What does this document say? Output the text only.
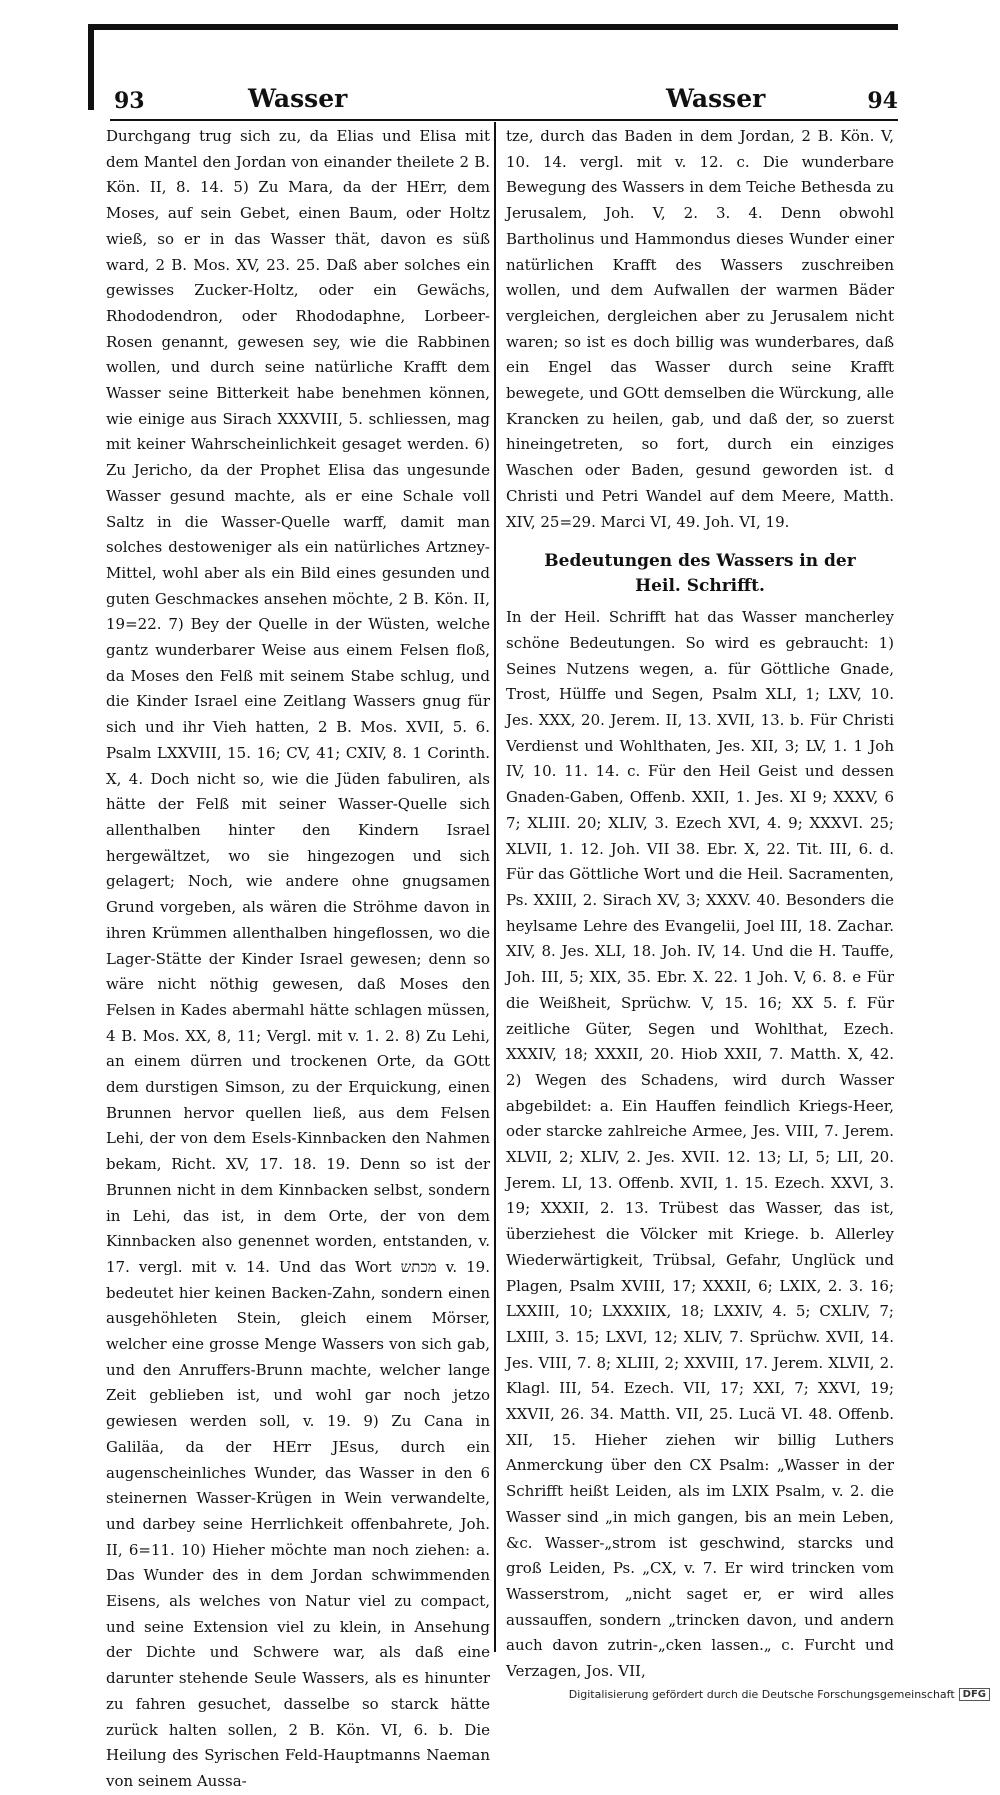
93	Wasser	Wasser	94

Durchgang trug sich zu, da Elias und Elisa mit dem Mantel den Jordan von einander theilete 2 B. Kön. II, 8. 14. 5) Zu Mara, da der HErr, dem Moses, auf sein Gebet, einen Baum, oder Holtz wieß, so er in das Wasser thät, davon es süß ward, 2 B. Mos. XV, 23. 25. Daß aber solches ein gewisses Zucker-Holtz, oder ein Gewächs, Rhododendron, oder Rhododaphne, Lorbeer-Rosen genannt, gewesen sey, wie die Rabbinen wollen, und durch seine natürliche Krafft dem Wasser seine Bitterkeit habe benehmen können, wie einige aus Sirach XXXVIII, 5. schliessen, mag mit keiner Wahrscheinlichkeit gesaget werden. 6) Zu Jericho, da der Prophet Elisa das ungesunde Wasser gesund machte, als er eine Schale voll Saltz in die Wasser-Quelle warff, damit man solches destoweniger als ein natürliches Artzney-Mittel, wohl aber als ein Bild eines gesunden und guten Geschmackes ansehen möchte, 2 B. Kön. II, 19=22. 7) Bey der Quelle in der Wüsten, welche gantz wunderbarer Weise aus einem Felsen floß, da Moses den Felß mit seinem Stabe schlug, und die Kinder Israel eine Zeitlang Wassers gnug für sich und ihr Vieh hatten, 2 B. Mos. XVII, 5. 6. Psalm LXXVIII, 15. 16; CV, 41; CXIV, 8. 1 Corinth. X, 4. Doch nicht so, wie die Jüden fabuliren, als hätte der Felß mit seiner Wasser-Quelle sich allenthalben hinter den Kindern Israel hergewältzet, wo sie hingezogen und sich gelagert; Noch, wie andere ohne gnugsamen Grund vorgeben, als wären die Ströhme davon in ihren Krümmen allenthalben hingeflossen, wo die Lager-Stätte der Kinder Israel gewesen; denn so wäre nicht nöthig gewesen, daß Moses den Felsen in Kades abermahl hätte schlagen müssen, 4 B. Mos. XX, 8, 11; Vergl. mit v. 1. 2. 8) Zu Lehi, an einem dürren und trockenen Orte, da GOtt dem durstigen Simson, zu der Erquickung, einen Brunnen hervor quellen ließ, aus dem Felsen Lehi, der von dem Esels-Kinnbacken den Nahmen bekam, Richt. XV, 17. 18. 19. Denn so ist der Brunnen nicht in dem Kinnbacken selbst, sondern in Lehi, das ist, in dem Orte, der von dem Kinnbacken also genennet worden, entstanden, v. 17. vergl. mit v. 14. Und das Wort מכתש v. 19. bedeutet hier keinen Backen-Zahn, sondern einen ausgehöhleten Stein, gleich einem Mörser, welcher eine grosse Menge Wassers von sich gab, und den Anruffers-Brunn machte, welcher lange Zeit geblieben ist, und wohl gar noch jetzo gewiesen werden soll, v. 19. 9) Zu Cana in Galiläa, da der HErr JEsus, durch ein augenscheinliches Wunder, das Wasser in den 6 steinernen Wasser-Krügen in Wein verwandelte, und darbey seine Herrlichkeit offenbahrete, Joh. II, 6=11. 10) Hieher möchte man noch ziehen: a. Das Wunder des in dem Jordan schwimmenden Eisens, als welches von Natur viel zu compact, und seine Extension viel zu klein, in Ansehung der Dichte und Schwere war, als daß eine darunter stehende Seule Wassers, als es hinunter zu fahren gesuchet, dasselbe so starck hätte zurück halten sollen, 2 B. Kön. VI, 6. b. Die Heilung des Syrischen Feld-Hauptmanns Naeman von seinem Aussa-

tze, durch das Baden in dem Jordan, 2 B. Kön. V, 10. 14. vergl. mit v. 12. c. Die wunderbare Bewegung des Wassers in dem Teiche Bethesda zu Jerusalem, Joh. V, 2. 3. 4. Denn obwohl Bartholinus und Hammondus dieses Wunder einer natürlichen Krafft des Wassers zuschreiben wollen, und dem Aufwallen der warmen Bäder vergleichen, dergleichen aber zu Jerusalem nicht waren; so ist es doch billig was wunderbares, daß ein Engel das Wasser durch seine Krafft bewegete, und GOtt demselben die Würckung, alle Krancken zu heilen, gab, und daß der, so zuerst hineingetreten, so fort, durch ein einziges Waschen oder Baden, gesund geworden ist. d Christi und Petri Wandel auf dem Meere, Matth. XIV, 25=29. Marci VI, 49. Joh. VI, 19.

Bedeutungen des Wassers in der
Heil. Schrifft.

In der Heil. Schrifft hat das Wasser mancherley schöne Bedeutungen. So wird es gebraucht: 1) Seines Nutzens wegen, a. für Göttliche Gnade, Trost, Hülffe und Segen, Psalm XLI, 1; LXV, 10. Jes. XXX, 20. Jerem. II, 13. XVII, 13. b. Für Christi Verdienst und Wohlthaten, Jes. XII, 3; LV, 1. 1 Joh IV, 10. 11. 14. c. Für den Heil Geist und dessen Gnaden-Gaben, Offenb. XXII, 1. Jes. XI 9; XXXV, 6 7; XLIII. 20; XLIV, 3. Ezech XVI, 4. 9; XXXVI. 25; XLVII, 1. 12. Joh. VII 38. Ebr. X, 22. Tit. III, 6. d. Für das Göttliche Wort und die Heil. Sacramenten, Ps. XXIII, 2. Sirach XV, 3; XXXV. 40. Besonders die heylsame Lehre des Evangelii, Joel III, 18. Zachar. XIV, 8. Jes. XLI, 18. Joh. IV, 14. Und die H. Tauffe, Joh. III, 5; XIX, 35. Ebr. X. 22. 1 Joh. V, 6. 8. e Für die Weißheit, Sprüchw. V, 15. 16; XX 5. f. Für zeitliche Güter, Segen und Wohlthat, Ezech. XXXIV, 18; XXXII, 20. Hiob XXII, 7. Matth. X, 42. 2) Wegen des Schadens, wird durch Wasser abgebildet: a. Ein Hauffen feindlich Kriegs-Heer, oder starcke zahlreiche Armee, Jes. VIII, 7. Jerem. XLVII, 2; XLIV, 2. Jes. XVII. 12. 13; LI, 5; LII, 20. Jerem. LI, 13. Offenb. XVII, 1. 15. Ezech. XXVI, 3. 19; XXXII, 2. 13. Trübest das Wasser, das ist, überziehest die Völcker mit Kriege. b. Allerley Wiederwärtigkeit, Trübsal, Gefahr, Unglück und Plagen, Psalm XVIII, 17; XXXII, 6; LXIX, 2. 3. 16; LXXIII, 10; LXXXIIX, 18; LXXIV, 4. 5; CXLIV, 7; LXIII, 3. 15; LXVI, 12; XLIV, 7. Sprüchw. XVII, 14. Jes. VIII, 7. 8; XLIII, 2; XXVIII, 17. Jerem. XLVII, 2. Klagl. III, 54. Ezech. VII, 17; XXI, 7; XXVI, 19; XXVII, 26. 34. Matth. VII, 25. Lucä VI. 48. Offenb. XII, 15. Hieher ziehen wir billig Luthers Anmerckung über den CX Psalm: „Wasser in der Schrifft heißt Leiden, als im LXIX Psalm, v. 2. die Wasser sind „in mich gangen, bis an mein Leben, &c. Wasser-„strom ist geschwind, starcks und groß Leiden, Ps. „CX, v. 7. Er wird trincken vom Wasserstrom, „nicht saget er, er wird alles aussauffen, sondern „trincken davon, und andern auch davon zutrin-„cken lassen.„ c. Furcht und Verzagen, Jos. VII,

Digitalisierung gefördert durch die Deutsche Forschungsgemeinschaft DFG
